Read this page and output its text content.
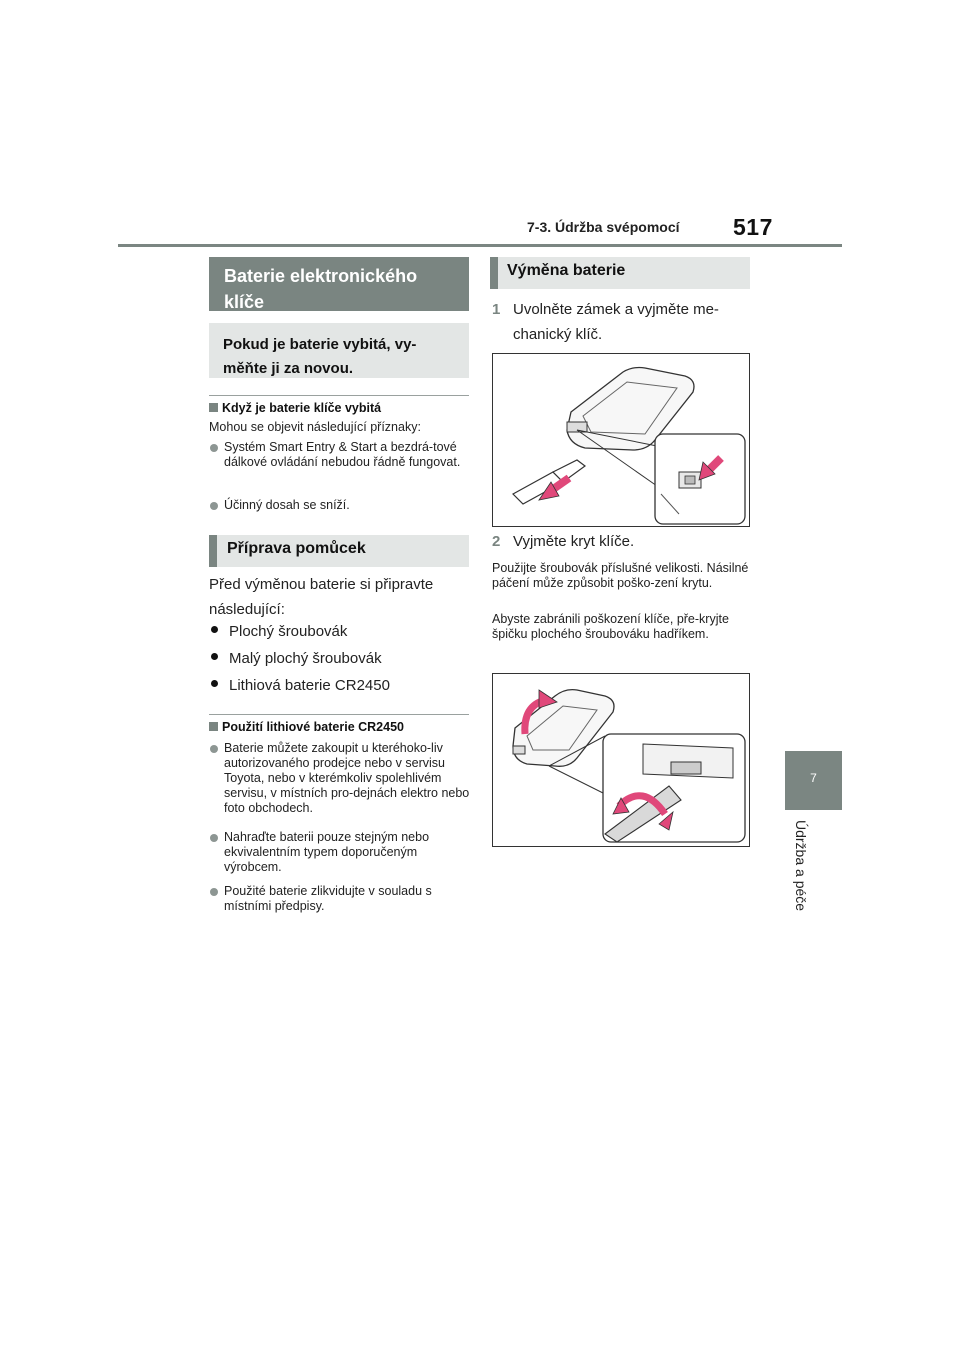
7-3. Údržba svépomocí 517
7
Údržba a péče
Baterie elektronického klíče
Pokud je baterie vybitá, vy-měňte ji za novou.
Když je baterie klíče vybitá
Mohou se objevit následující příznaky:
Systém Smart Entry & Start a bezdrá-tové dálkové ovládání nebudou řádně fungovat.
Účinný dosah se sníží.
Příprava pomůcek
Před výměnou baterie si připravte následující:
Plochý šroubovák
Malý plochý šroubovák
Lithiová baterie CR2450
Použití lithiové baterie CR2450
Baterie můžete zakoupit u kteréhoko-liv autorizovaného prodejce nebo v servisu Toyota, nebo v kterémkoliv spolehlivém servisu, v místních pro-dejnách elektro nebo foto obchodech.
Nahraďte baterii pouze stejným nebo ekvivalentním typem doporučeným výrobcem.
Použité baterie zlikvidujte v souladu s místními předpisy.
Výměna baterie
1 Uvolněte zámek a vyjměte me-chanický klíč.
2 Vyjměte kryt klíče.
Použijte šroubovák příslušné velikosti. Násilné páčení může způsobit poško-zení krytu.
Abyste zabránili poškození klíče, pře-kryjte špičku plochého šroubováku hadříkem.
